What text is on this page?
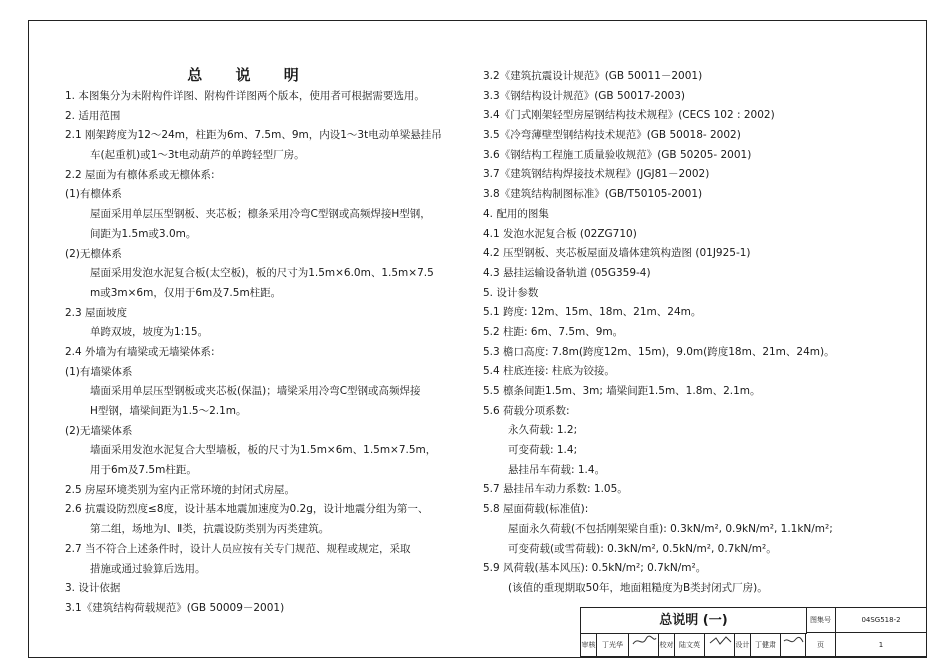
总 说 明
1. 本图集分为未附构件详图、附构件详图两个版本，使用者可根据需要选用。
2. 适用范围
2.1 刚架跨度为12～24m，柱距为6m、7.5m、9m，内设1～3t电动单梁悬挂吊
车(起重机)或1～3t电动葫芦的单跨轻型厂房。
2.2 屋面为有檩体系或无檩体系:
(1)有檩体系
屋面采用单层压型钢板、夹芯板；檩条采用冷弯C型钢或高频焊接H型钢，
间距为1.5m或3.0m。
(2)无檩体系
屋面采用发泡水泥复合板(太空板)，板的尺寸为1.5m×6.0m、1.5m×7.5
m或3m×6m，仅用于6m及7.5m柱距。
2.3 屋面坡度
单跨双坡，坡度为1:15。
2.4 外墙为有墙梁或无墙梁体系:
(1)有墙梁体系
墙面采用单层压型钢板或夹芯板(保温)；墙梁采用冷弯C型钢或高频焊接
H型钢，墙梁间距为1.5～2.1m。
(2)无墙梁体系
墙面采用发泡水泥复合大型墙板，板的尺寸为1.5m×6m、1.5m×7.5m，
用于6m及7.5m柱距。
2.5 房屋环境类别为室内正常环境的封闭式房屋。
2.6 抗震设防烈度≤8度，设计基本地震加速度为0.2g，设计地震分组为第一、
第二组，场地为Ⅰ、Ⅱ类，抗震设防类别为丙类建筑。
2.7 当不符合上述条件时，设计人员应按有关专门规范、规程或规定，采取
措施或通过验算后选用。
3. 设计依据
3.1《建筑结构荷载规范》(GB 50009－2001)
3.2《建筑抗震设计规范》(GB 50011－2001)
3.3《钢结构设计规范》(GB 50017-2003)
3.4《门式刚架轻型房屋钢结构技术规程》(CECS 102 : 2002)
3.5《冷弯薄壁型钢结构技术规范》(GB 50018- 2002)
3.6《钢结构工程施工质量验收规范》(GB 50205- 2001)
3.7《建筑钢结构焊接技术规程》(JGJ81－2002)
3.8《建筑结构制图标准》(GB/T50105-2001)
4. 配用的图集
4.1 发泡水泥复合板 (02ZG710)
4.2 压型钢板、夹芯板屋面及墙体建筑构造图 (01J925-1)
4.3 悬挂运输设备轨道 (05G359-4)
5. 设计参数
5.1 跨度: 12m、15m、18m、21m、24m。
5.2 柱距: 6m、7.5m、9m。
5.3 檐口高度: 7.8m(跨度12m、15m)，9.0m(跨度18m、21m、24m)。
5.4 柱底连接: 柱底为铰接。
5.5 檩条间距1.5m、3m; 墙梁间距1.5m、1.8m、2.1m。
5.6 荷载分项系数:
永久荷载: 1.2;
可变荷载: 1.4;
悬挂吊车荷载: 1.4。
5.7 悬挂吊车动力系数: 1.05。
5.8 屋面荷载(标准值):
屋面永久荷载(不包括刚架梁自重): 0.3kN/m², 0.9kN/m², 1.1kN/m²;
可变荷载(或雪荷载): 0.3kN/m², 0.5kN/m², 0.7kN/m²。
5.9 风荷载(基本风压): 0.5kN/m²; 0.7kN/m²。
(该值的重现期取50年，地面粗糙度为B类封闭式厂房)。
总说明 (一)	图集号	04SG518-2
审核 丁光华	校对 陆文英	设计 丁健肃	页	1
